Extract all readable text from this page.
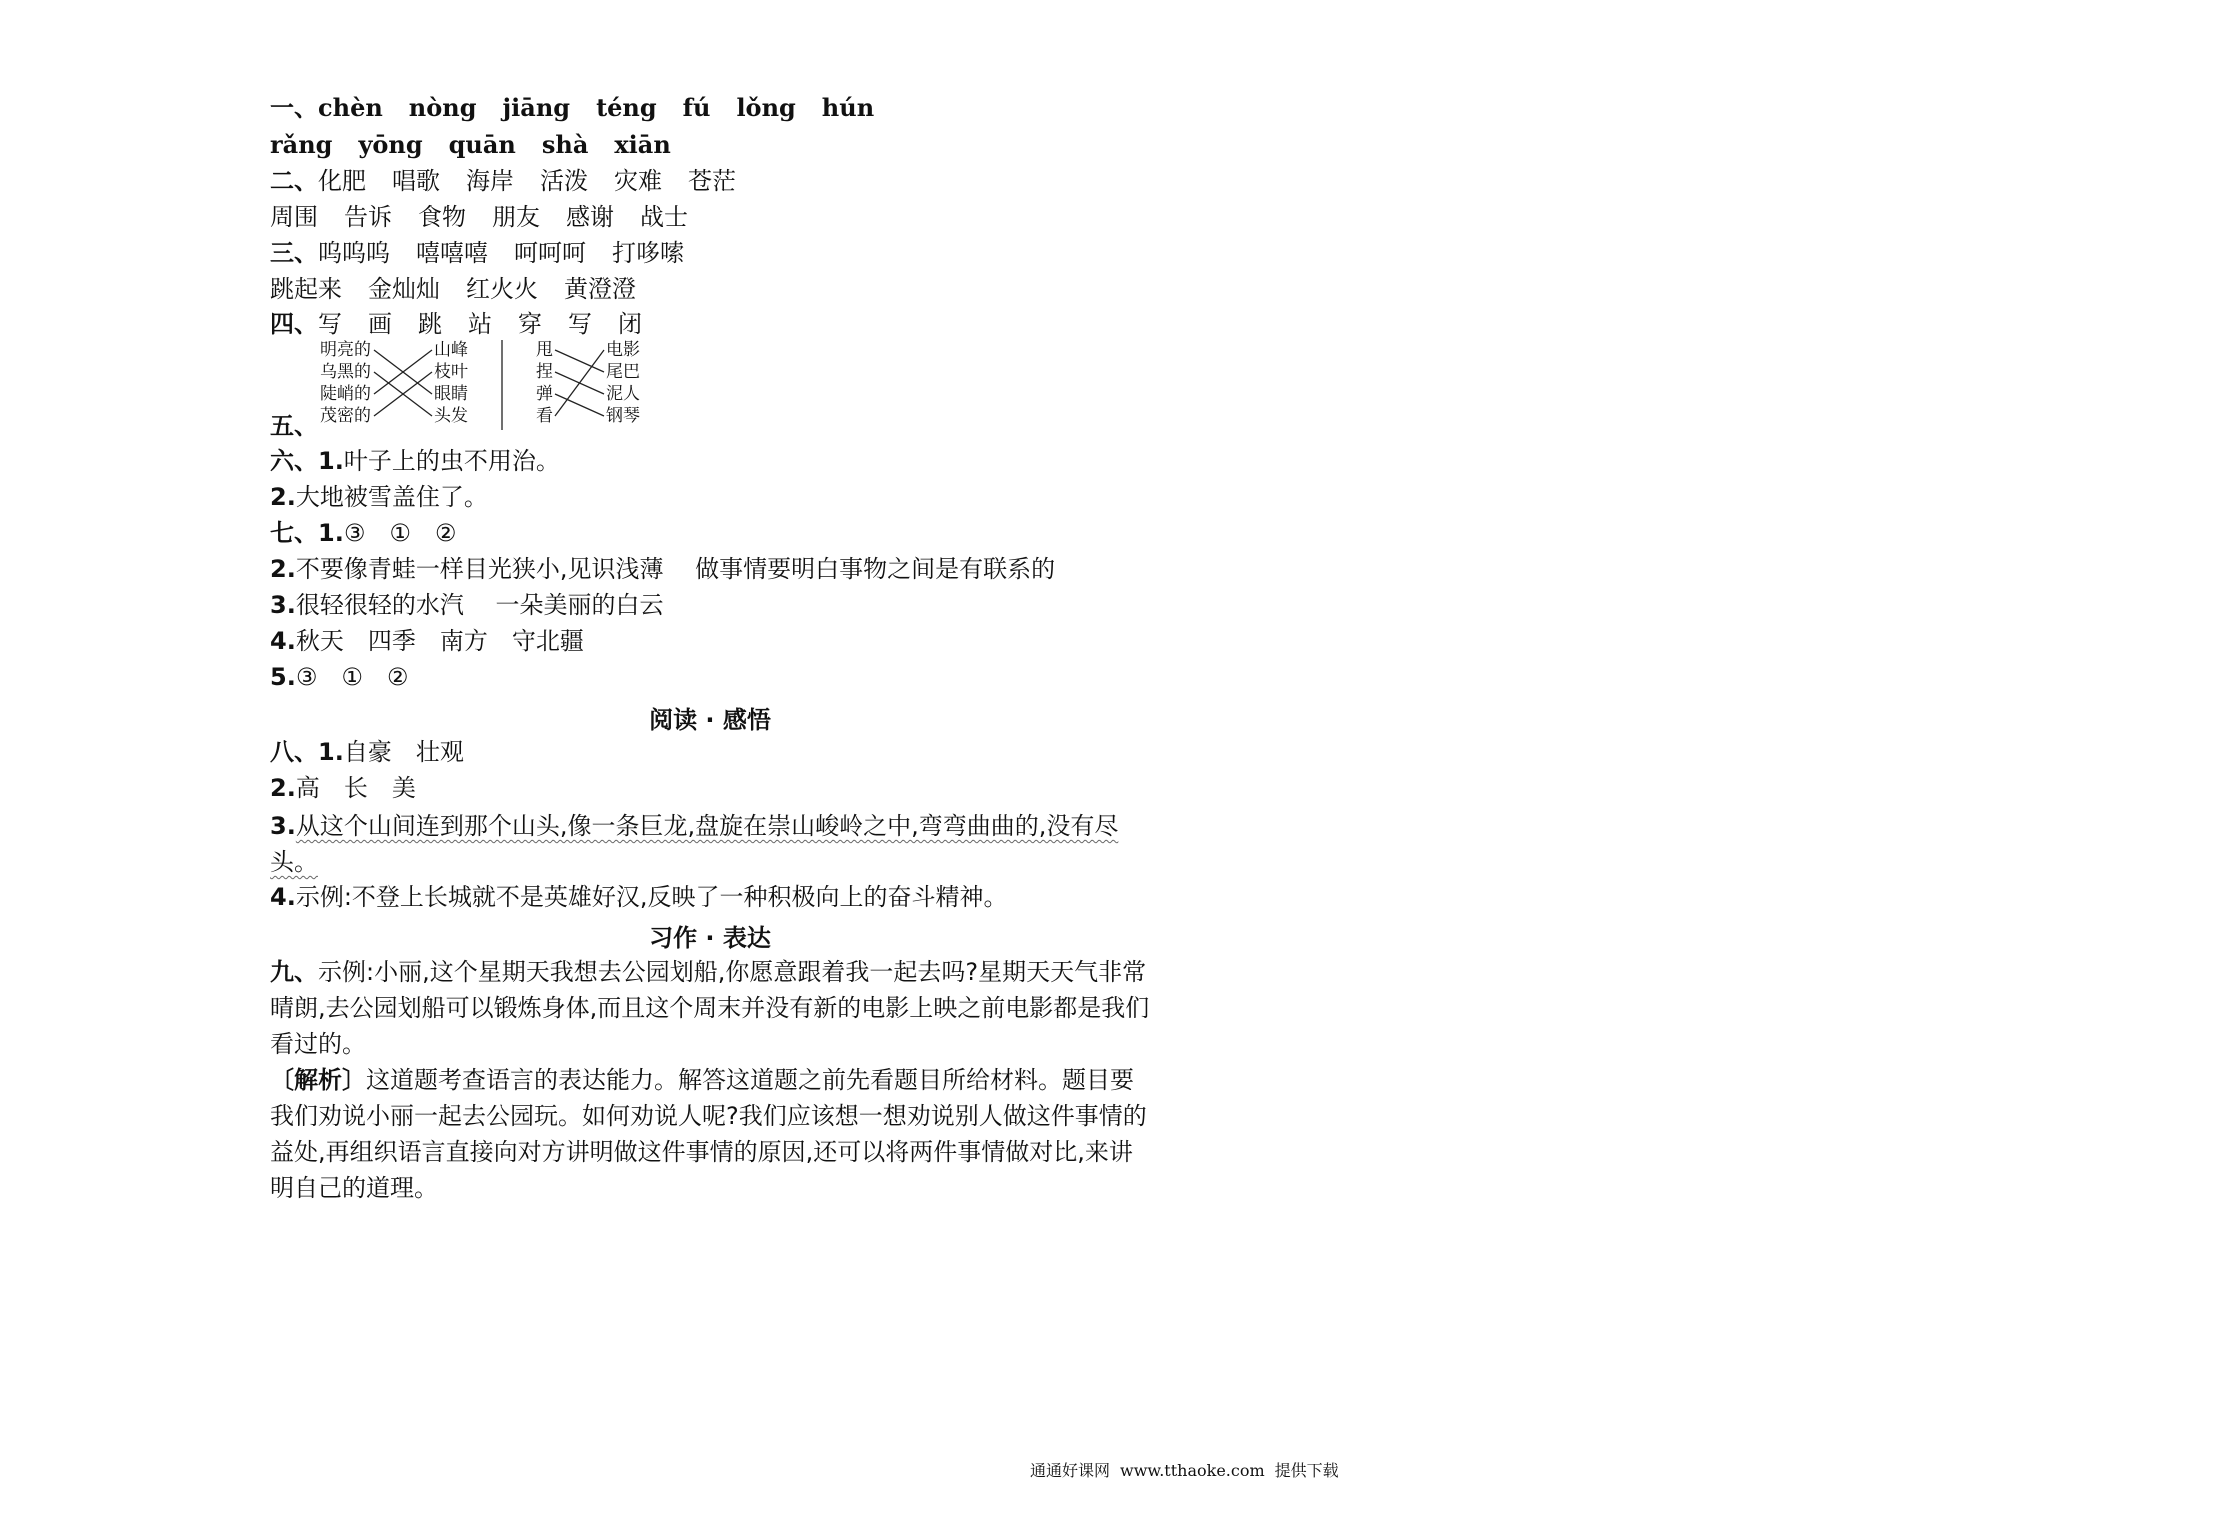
一、chèn nòng jiāng téng fú lǒng hún
rǎng yōng quān shà xiān
二、化肥 唱歌 海岸 活泼 灾难 苍茫
周围 告诉 食物 朋友 感谢 战士
三、呜呜呜 嘻嘻嘻 呵呵呵 打哆嗦
跳起来 金灿灿 红火火 黄澄澄
四、写 画 跳 站 穿 写 闭
五、
明亮的
乌黑的
陡峭的
茂密的
山峰
枝叶
眼睛
头发
甩
捏
弹
看
电影
尾巴
泥人
钢琴
六、1.叶子上的虫不用治。
2.大地被雪盖住了。
七、1.③　①　②
2.不要像青蛙一样目光狭小,见识浅薄　 做事情要明白事物之间是有联系的
3.很轻很轻的水汽　 一朵美丽的白云
4.秋天　四季　南方　守北疆
5.③　①　②
阅读 · 感悟
八、1.自豪　壮观
2.高　长　美
3.从这个山间连到那个山头,像一条巨龙,盘旋在崇山峻岭之中,弯弯曲曲的,没有尽头。
4.示例:不登上长城就不是英雄好汉,反映了一种积极向上的奋斗精神。
习作 · 表达
九、示例:小丽,这个星期天我想去公园划船,你愿意跟着我一起去吗?星期天天气非常晴朗,去公园划船可以锻炼身体,而且这个周末并没有新的电影上映之前电影都是我们看过的。
〔解析〕这道题考查语言的表达能力。解答这道题之前先看题目所给材料。题目要我们劝说小丽一起去公园玩。如何劝说人呢?我们应该想一想劝说别人做这件事情的益处,再组织语言直接向对方讲明做这件事情的原因,还可以将两件事情做对比,来讲明自己的道理。
通通好课网 www.tthaoke.com 提供下载
